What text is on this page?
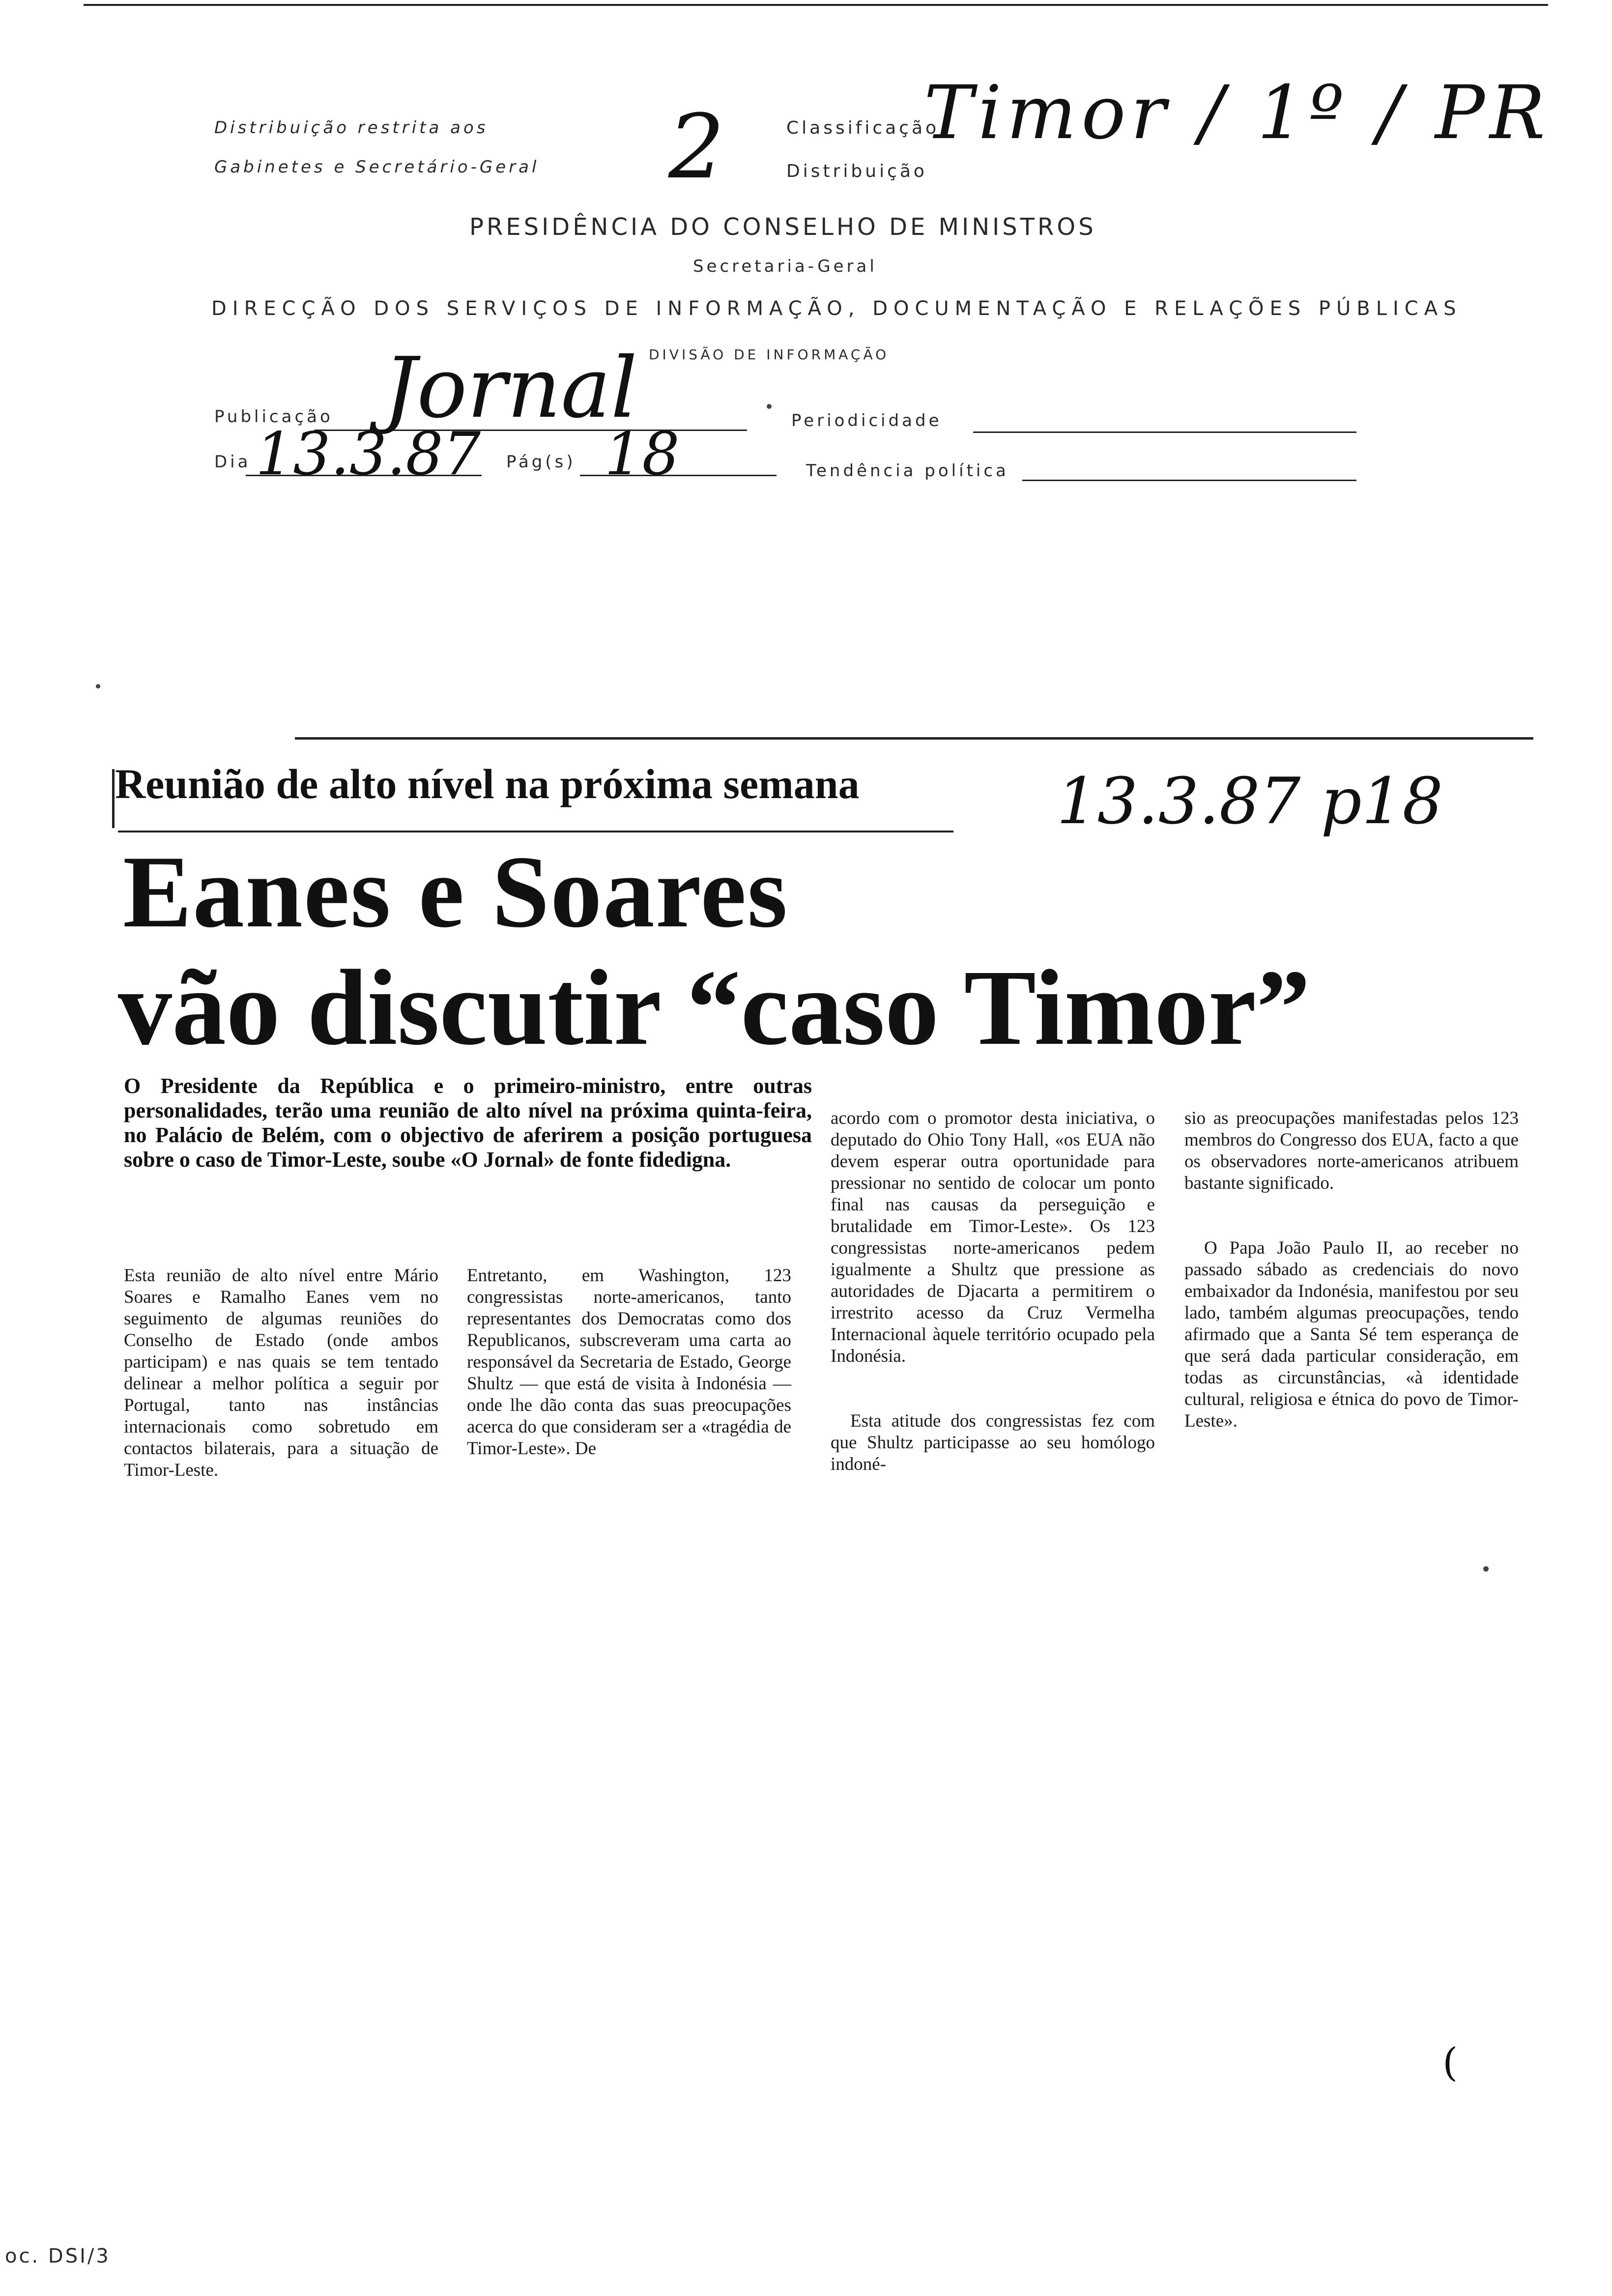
Distribuição restrita aos
Gabinetes e Secretário-Geral 2	Classificação
Distribuição
Timor / 1º / PR
PRESIDÊNCIA DO CONSELHO DE MINISTROS
Secretaria-Geral
DIRECÇÃO DOS SERVIÇOS DE INFORMAÇÃO, DOCUMENTAÇÃO E RELAÇÕES PÚBLICAS
DIVISÃO DE INFORMAÇÃO
Publicação Jornal	Periodicidade
Dia 13.3.87 Pág(s) 18	Tendência política
Reunião de alto nível na próxima semana	13.3.87 p18
Eanes e Soares
vão discutir “caso Timor”
O Presidente da República e o primeiro-ministro, entre outras personalidades, terão uma reunião de alto nível na próxima quinta-feira, no Palácio de Belém, com o objectivo de aferirem a posição portuguesa sobre o caso de Timor-Leste, soube «O Jornal» de fonte fidedigna.

Esta reunião de alto nível entre Mário Soares e Ramalho Eanes vem no seguimento de algumas reuniões do Conselho de Estado (onde ambos participam) e nas quais se tem tentado delinear a melhor política a seguir por Portugal, tanto nas instâncias internacionais como sobretudo em contactos bilaterais, para a situação de Timor-Leste.

Entretanto, em Washington, 123 congressistas norte-americanos, tanto representantes dos Democratas como dos Republicanos, subscreveram uma carta ao responsável da Secretaria de Estado, George Shultz — que está de visita à Indonésia — onde lhe dão conta das suas preocupações acerca do que consideram ser a «tragédia de Timor-Leste». De

acordo com o promotor desta iniciativa, o deputado do Ohio Tony Hall, «os EUA não devem esperar outra oportunidade para pressionar no sentido de colocar um ponto final nas causas da perseguição e brutalidade em Timor-Leste». Os 123 congressistas norte-americanos pedem igualmente a Shultz que pressione as autoridades de Djacarta a permitirem o irrestrito acesso da Cruz Vermelha Internacional àquele território ocupado pela Indonésia.

Esta atitude dos congressistas fez com que Shultz participasse ao seu homólogo indoné-

sio as preocupações manifestadas pelos 123 membros do Congresso dos EUA, facto a que os observadores norte-americanos atribuem bastante significado.

O Papa João Paulo II, ao receber no passado sábado as credenciais do novo embaixador da Indonésia, manifestou por seu lado, também algumas preocupações, tendo afirmado que a Santa Sé tem esperança de que será dada particular consideração, em todas as circunstâncias, «à identidade cultural, religiosa e étnica do povo de Timor-Leste».

(
oc. DSI/3
